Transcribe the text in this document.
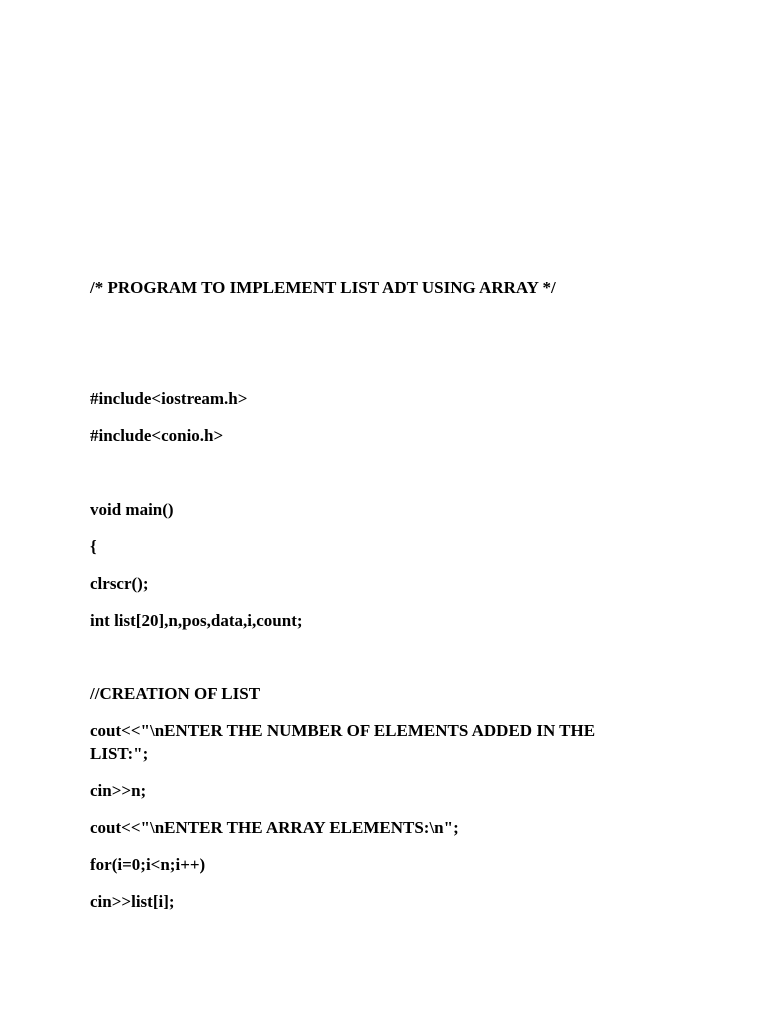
/* PROGRAM TO IMPLEMENT LIST ADT USING ARRAY */

#include<iostream.h>

#include<conio.h>

void main()

{

clrscr();

int list[20],n,pos,data,i,count;

//CREATION OF LIST

cout<<"\nENTER THE NUMBER OF ELEMENTS ADDED IN THE LIST:";

cin>>n;

cout<<"\nENTER THE ARRAY ELEMENTS:\n";

for(i=0;i<n;i++)

cin>>list[i];
